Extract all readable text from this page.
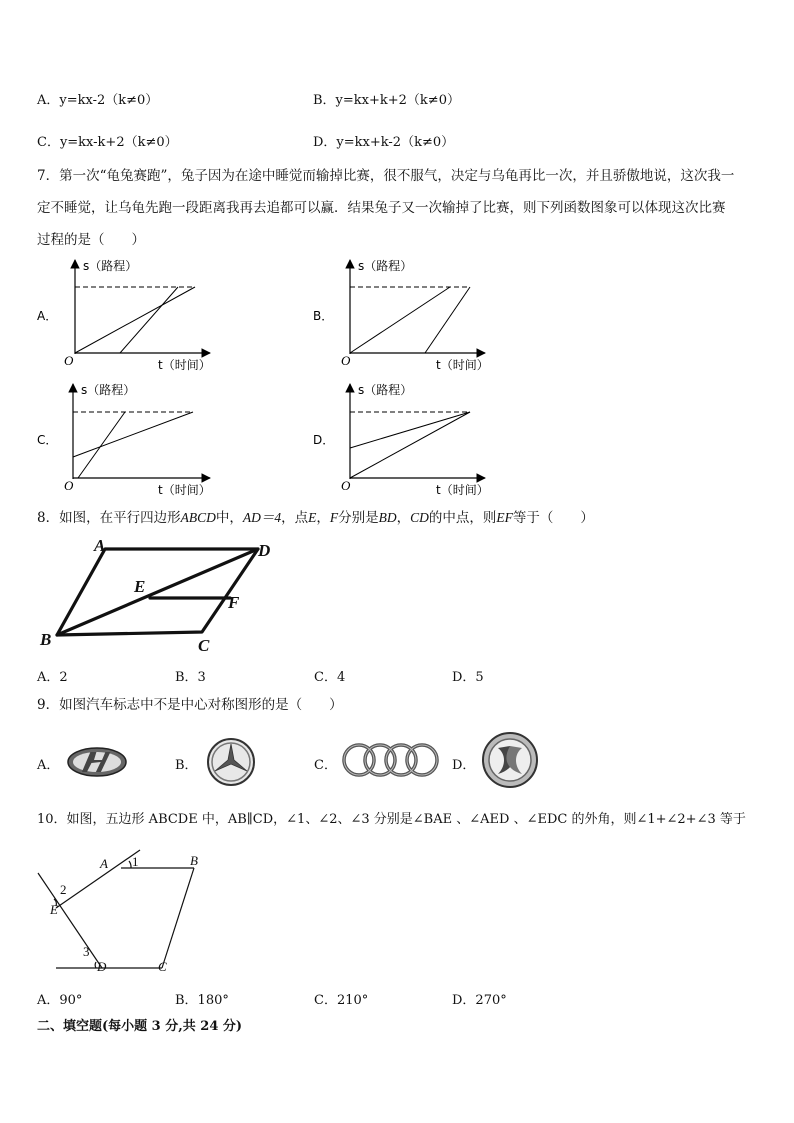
A．y=kx-2（k≠0）	B．y=kx+k+2（k≠0）
C．y=kx-k+2（k≠0）	D．y=kx+k-2（k≠0）
7．第一次“龟兔赛跑”，兔子因为在途中睡觉而输掉比赛，很不服气，决定与乌龟再比一次，并且骄傲地说，这次我一
定不睡觉，让乌龟先跑一段距离我再去追都可以赢．结果兔子又一次输掉了比赛，则下列函数图象可以体现这次比赛
过程的是（　　）
A．
s（路程）
t（时间）
O
B．
s（路程）
t（时间）
O
C．
s（路程）
t（时间）
O
D．
s（路程）
t（时间）
O
8．如图，在平行四边形ABCD中，AD＝4，点E，F分别是BD，CD的中点，则EF等于（　　）
A	D
E
F
B	C
A．2	B．3	C．4	D．5
9．如图汽车标志中不是中心对称图形的是（　　）
A．	B．	C．	D．
10．如图，五边形 ABCDE 中，AB∥CD，∠1、∠2、∠3 分别是∠BAE 、∠AED 、∠EDC 的外角，则∠1+∠2+∠3 等于
A	B
E
D	C
1
2
3
A．90°	B．180°	C．210°	D．270°
二、填空题(每小题 3 分,共 24 分)
